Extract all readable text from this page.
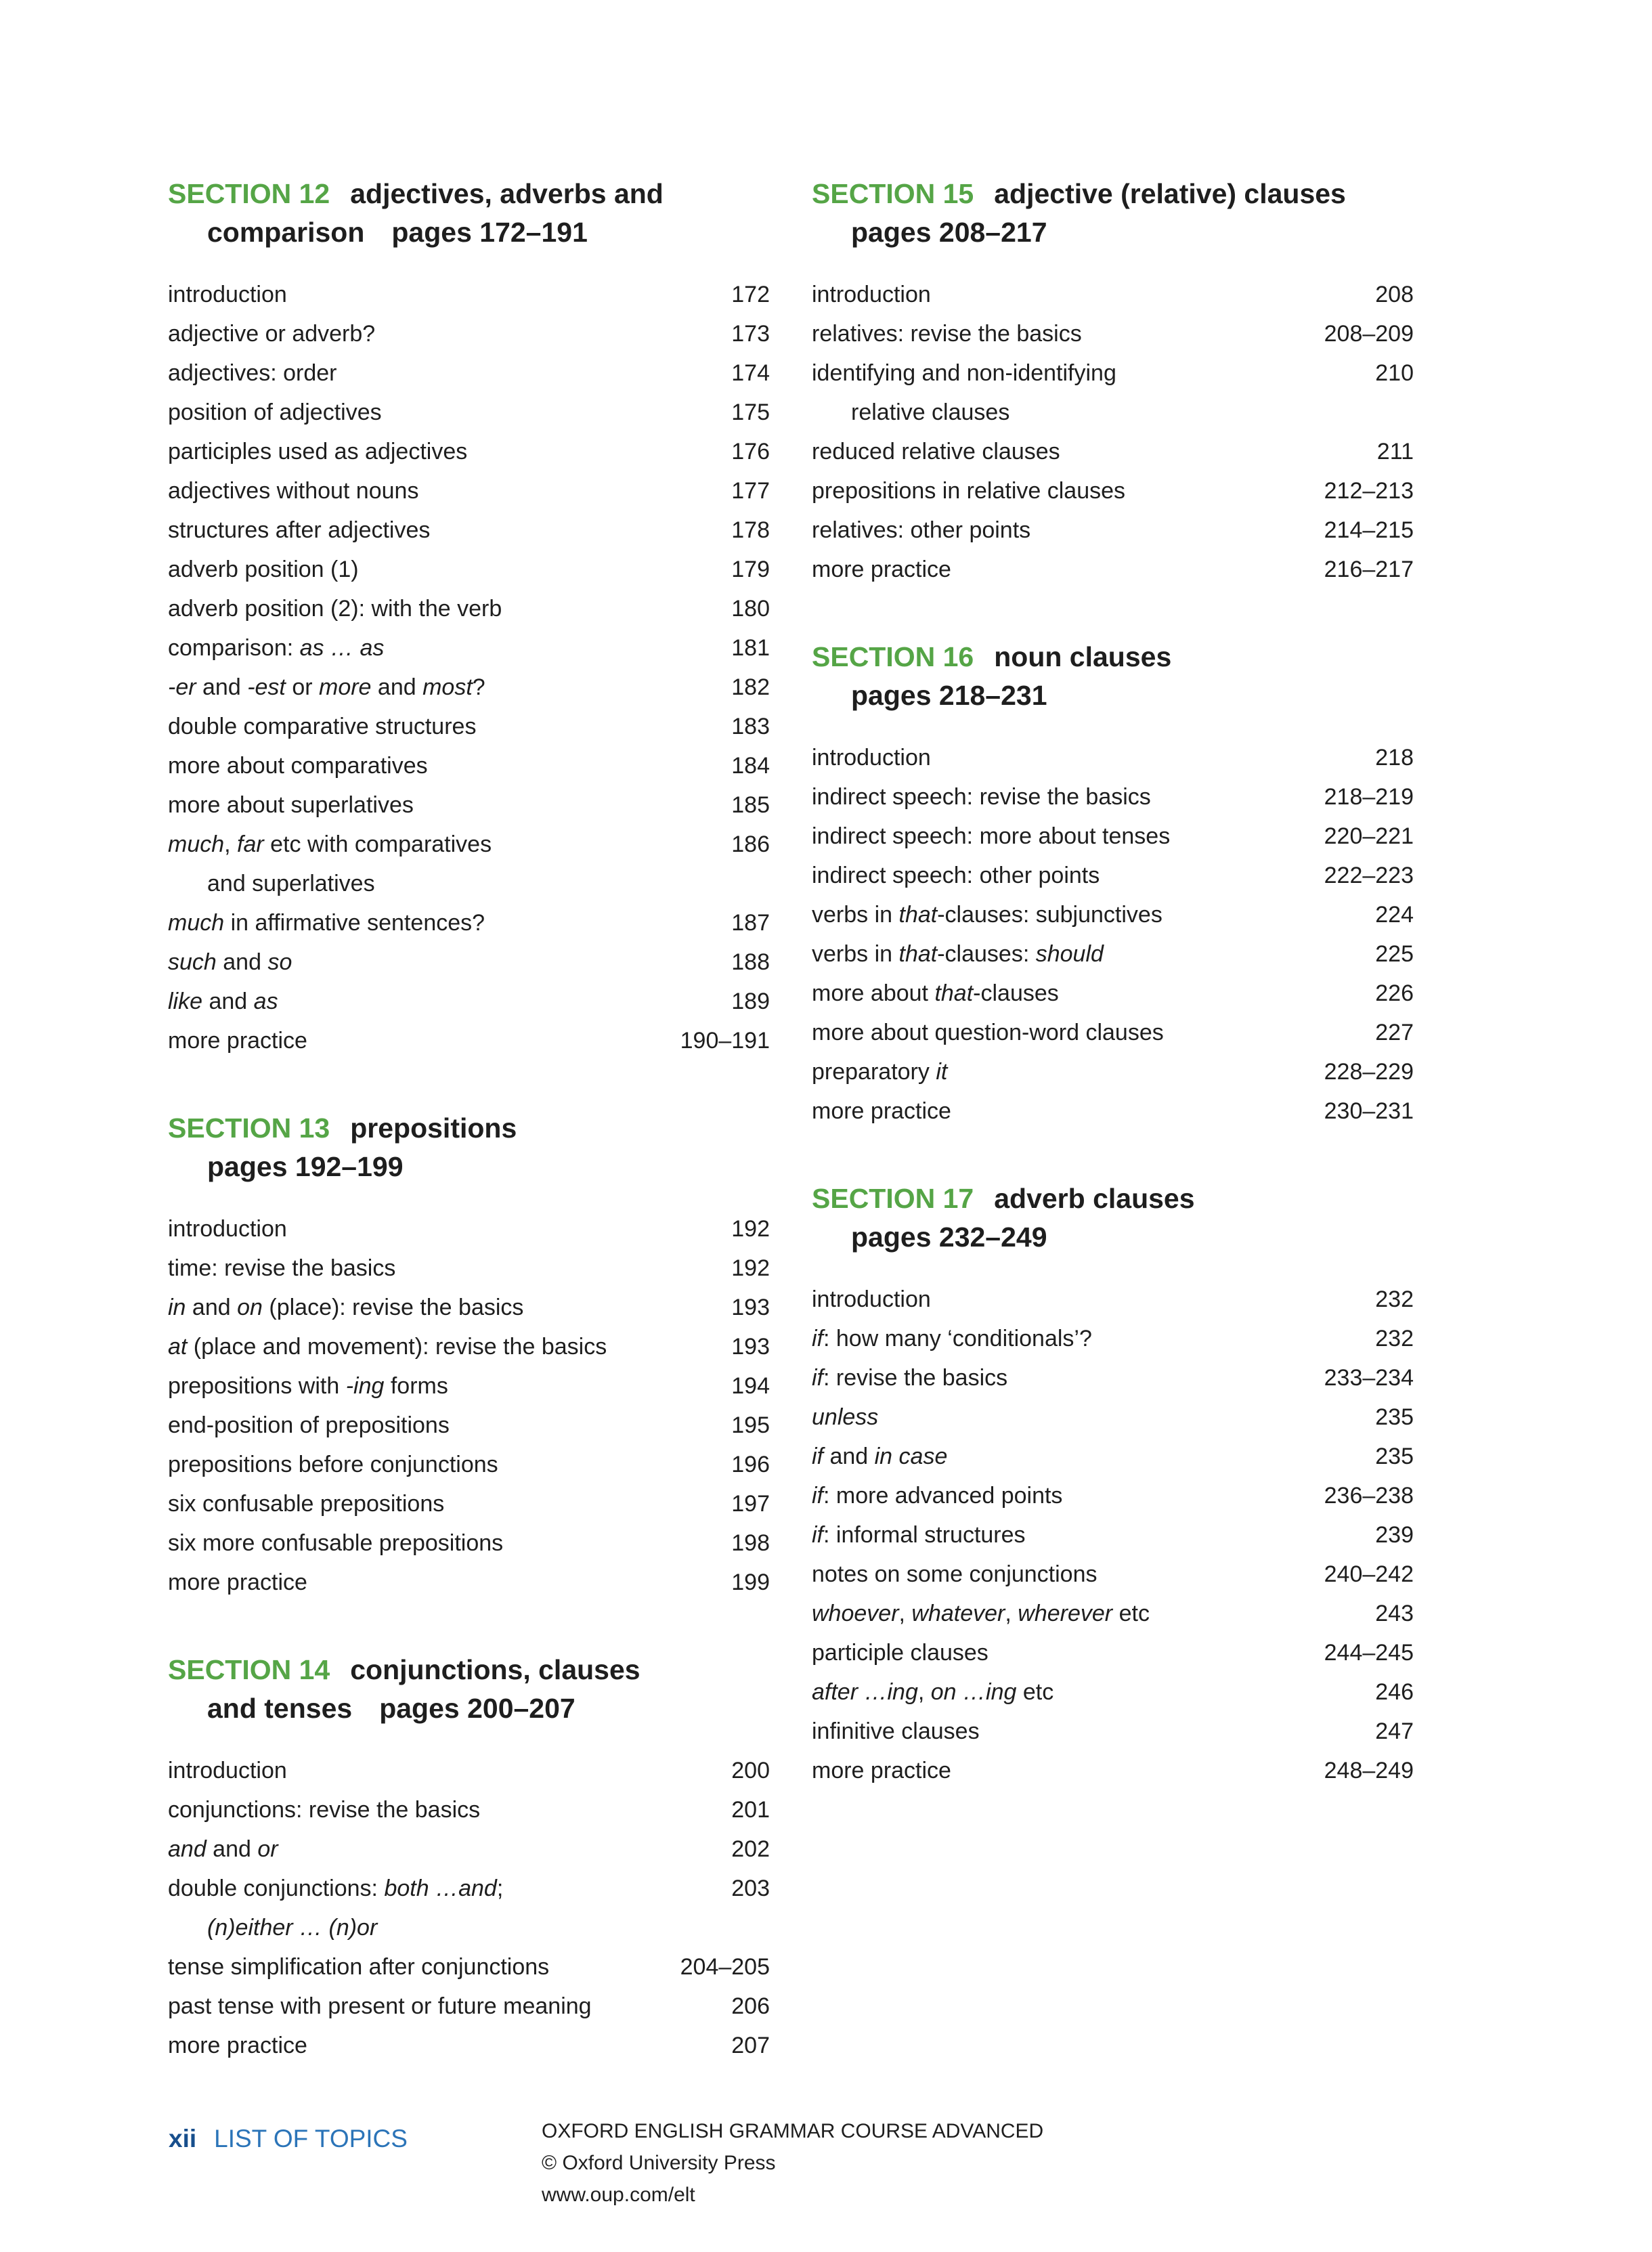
SECTION 12 adjectives, adverbs and
comparison pages 172–191
introduction	172
adjective or adverb?	173
adjectives: order	174
position of adjectives	175
participles used as adjectives	176
adjectives without nouns	177
structures after adjectives	178
adverb position (1)	179
adverb position (2): with the verb	180
comparison: as … as	181
-er and -est or more and most?	182
double comparative structures	183
more about comparatives	184
more about superlatives	185
much, far etc with comparatives	186
and superlatives
much in affirmative sentences?	187
such and so	188
like and as	189
more practice	190–191
SECTION 13 prepositions
pages 192–199
introduction	192
time: revise the basics	192
in and on (place): revise the basics	193
at (place and movement): revise the basics	193
prepositions with -ing forms	194
end-position of prepositions	195
prepositions before conjunctions	196
six confusable prepositions	197
six more confusable prepositions	198
more practice	199
SECTION 14 conjunctions, clauses
and tenses pages 200–207
introduction	200
conjunctions: revise the basics	201
and and or	202
double conjunctions: both …and;	203
(n)either … (n)or
tense simplification after conjunctions	204–205
past tense with present or future meaning	206
more practice	207
SECTION 15 adjective (relative) clauses
pages 208–217
introduction	208
relatives: revise the basics	208–209
identifying and non-identifying	210
relative clauses
reduced relative clauses	211
prepositions in relative clauses	212–213
relatives: other points	214–215
more practice	216–217
SECTION 16 noun clauses
pages 218–231
introduction	218
indirect speech: revise the basics	218–219
indirect speech: more about tenses	220–221
indirect speech: other points	222–223
verbs in that-clauses: subjunctives	224
verbs in that-clauses: should	225
more about that-clauses	226
more about question-word clauses	227
preparatory it	228–229
more practice	230–231
SECTION 17 adverb clauses
pages 232–249
introduction	232
if: how many ‘conditionals’?	232
if: revise the basics	233–234
unless	235
if and in case	235
if: more advanced points	236–238
if: informal structures	239
notes on some conjunctions	240–242
whoever, whatever, wherever etc	243
participle clauses	244–245
after …ing, on …ing etc	246
infinitive clauses	247
more practice	248–249
xii LIST OF TOPICS	OXFORD ENGLISH GRAMMAR COURSE ADVANCED
© Oxford University Press
www.oup.com/elt
